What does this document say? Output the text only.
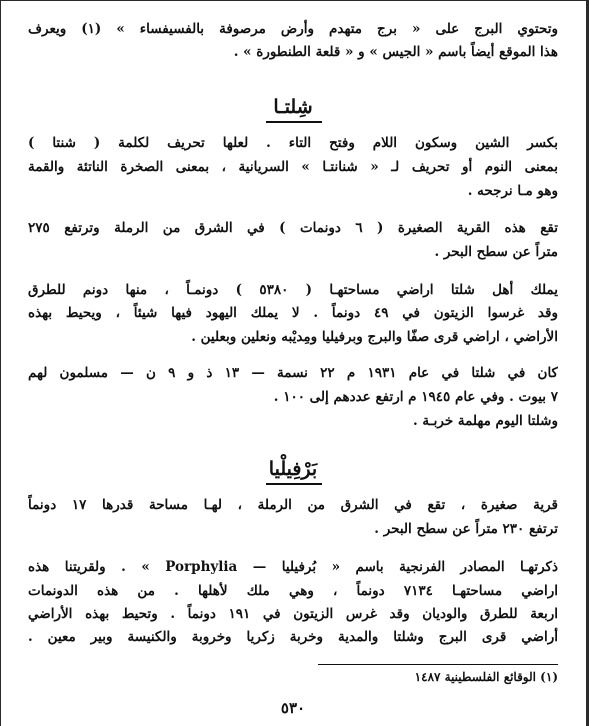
وتحتوي البرج على « برج متهدم وأرض مرصوفة بالفسيفساء » (١) ويعرف
هذا الموقع أيضاً باسم « الجيس » و « قلعة الطنطورة » .
شِلتـا
بكسر الشين وسكون اللام وفتح التاء . لعلها تحريف لكلمة ( شنتا )
بمعنى النوم أو تحريف لـ « شنانتـا » السريانية ، بمعنى الصخرة الناتئة والقمة
وهو مـا نرجحه .
تقع هذه القرية الصغيرة ( ٦ دونمات ) في الشرق من الرملة وترتفع ٢٧٥
متراً عن سطح البحر .
يملك أهل شلتا اراضي مساحتهـا ( ٥٣٨٠ ) دونمـاً ، منها دونم للطرق
وقد غرسوا الزيتون في ٤٩ دونماً . لا يملك اليهود فيها شيئاً ، ويحيط بهذه
الأراضي ، اراضي قرى صفّا والبرج وبرفيليا ومِديْبه ونعلين وبعلين .
كان في شلتا في عام ١٩٣١ م ٢٢ نسمة — ١٣ ذ و ٩ ن — مسلمون لهم
٧ بيوت . وفي عام ١٩٤٥ م ارتفع عددهم إلى ١٠٠ .
وشلتا اليوم مهلمة خربـة .
بَرْفِيلْيا
قرية صغيرة ، تقع في الشرق من الرملة ، لهـا مساحة قدرها ١٧ دونماً
ترتفع ٢٣٠ متراً عن سطح البحر .
ذكرتهـا المصادر الفرنجية باسم « بُرفيليا — Porphylia » . ولقريتنا هذه
اراضي مساحتهـا ٧١٣٤ دونماً ، وهي ملك لأهلها . من هذه الدونمات
اربعة للطرق والوديان وقد غرس الزيتون في ١٩١ دونماً . وتحيط بهذه الأراضي
أراضي قرى البرج وشلتا والمدية وخربة زكريا وخروبة والكنيسة وبير معين .
(١) الوقائع الفلسطينية ١٤٨٧
٥٣٠
